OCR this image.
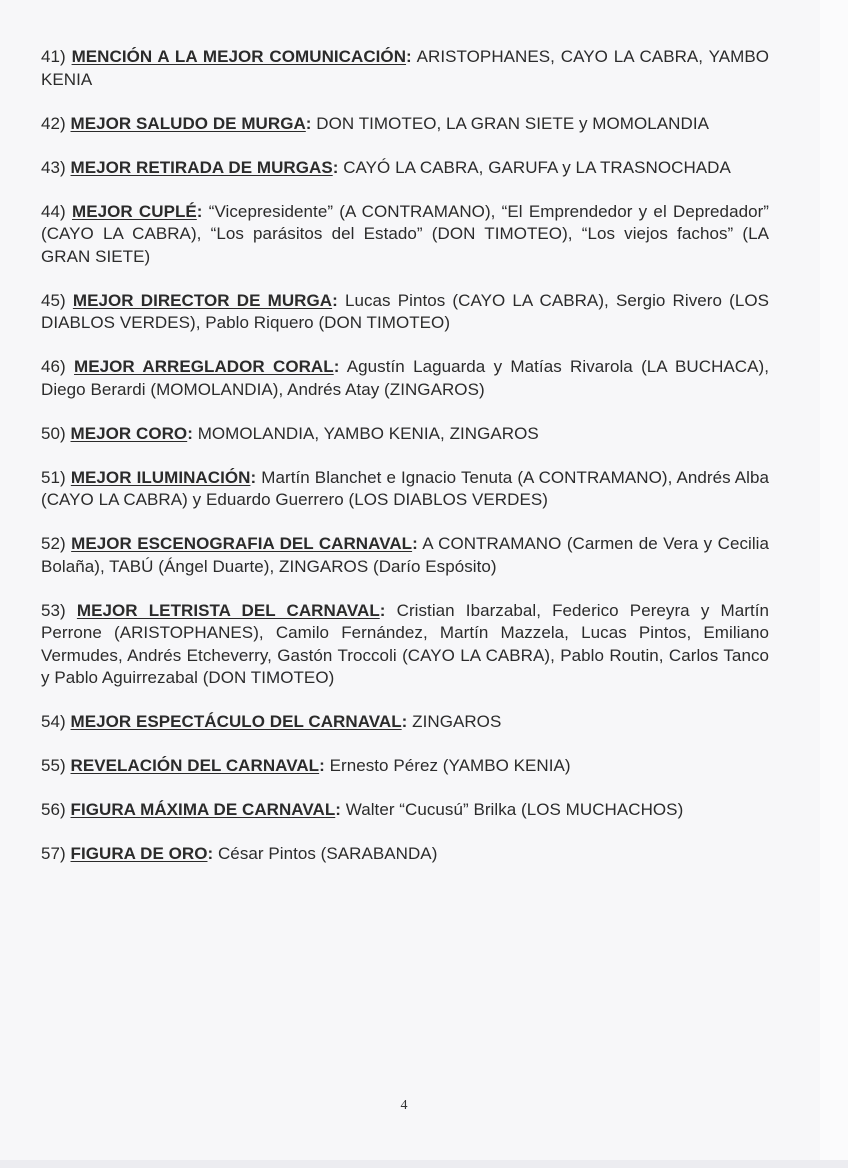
41) MENCIÓN A LA MEJOR COMUNICACIÓN: ARISTOPHANES, CAYO LA CABRA, YAMBO KENIA

42) MEJOR SALUDO DE MURGA: DON TIMOTEO, LA GRAN SIETE y MOMOLANDIA

43) MEJOR RETIRADA DE MURGAS: CAYÓ LA CABRA, GARUFA y LA TRASNOCHADA

44) MEJOR CUPLÉ: “Vicepresidente” (A CONTRAMANO), “El Emprendedor y el Depredador” (CAYO LA CABRA), “Los parásitos del Estado” (DON TIMOTEO), “Los viejos fachos” (LA GRAN SIETE)

45) MEJOR DIRECTOR DE MURGA: Lucas Pintos (CAYO LA CABRA), Sergio Rivero (LOS DIABLOS VERDES), Pablo Riquero (DON TIMOTEO)

46) MEJOR ARREGLADOR CORAL: Agustín Laguarda y Matías Rivarola (LA BUCHACA), Diego Berardi (MOMOLANDIA), Andrés Atay (ZINGAROS)

50) MEJOR CORO: MOMOLANDIA, YAMBO KENIA, ZINGAROS

51) MEJOR ILUMINACIÓN: Martín Blanchet e Ignacio Tenuta (A CONTRAMANO), Andrés Alba (CAYO LA CABRA) y Eduardo Guerrero (LOS DIABLOS VERDES)

52) MEJOR ESCENOGRAFIA DEL CARNAVAL: A CONTRAMANO (Carmen de Vera y Cecilia Bolaña), TABÚ (Ángel Duarte), ZINGAROS (Darío Espósito)

53) MEJOR LETRISTA DEL CARNAVAL: Cristian Ibarzabal, Federico Pereyra y Martín Perrone (ARISTOPHANES), Camilo Fernández, Martín Mazzela, Lucas Pintos, Emiliano Vermudes, Andrés Etcheverry, Gastón Troccoli (CAYO LA CABRA), Pablo Routin, Carlos Tanco y Pablo Aguirrezabal (DON TIMOTEO)

54) MEJOR ESPECTÁCULO DEL CARNAVAL: ZINGAROS

55) REVELACIÓN DEL CARNAVAL: Ernesto Pérez (YAMBO KENIA)

56) FIGURA MÁXIMA DE CARNAVAL: Walter “Cucusú” Brilka (LOS MUCHACHOS)

57) FIGURA DE ORO: César Pintos (SARABANDA)

4
